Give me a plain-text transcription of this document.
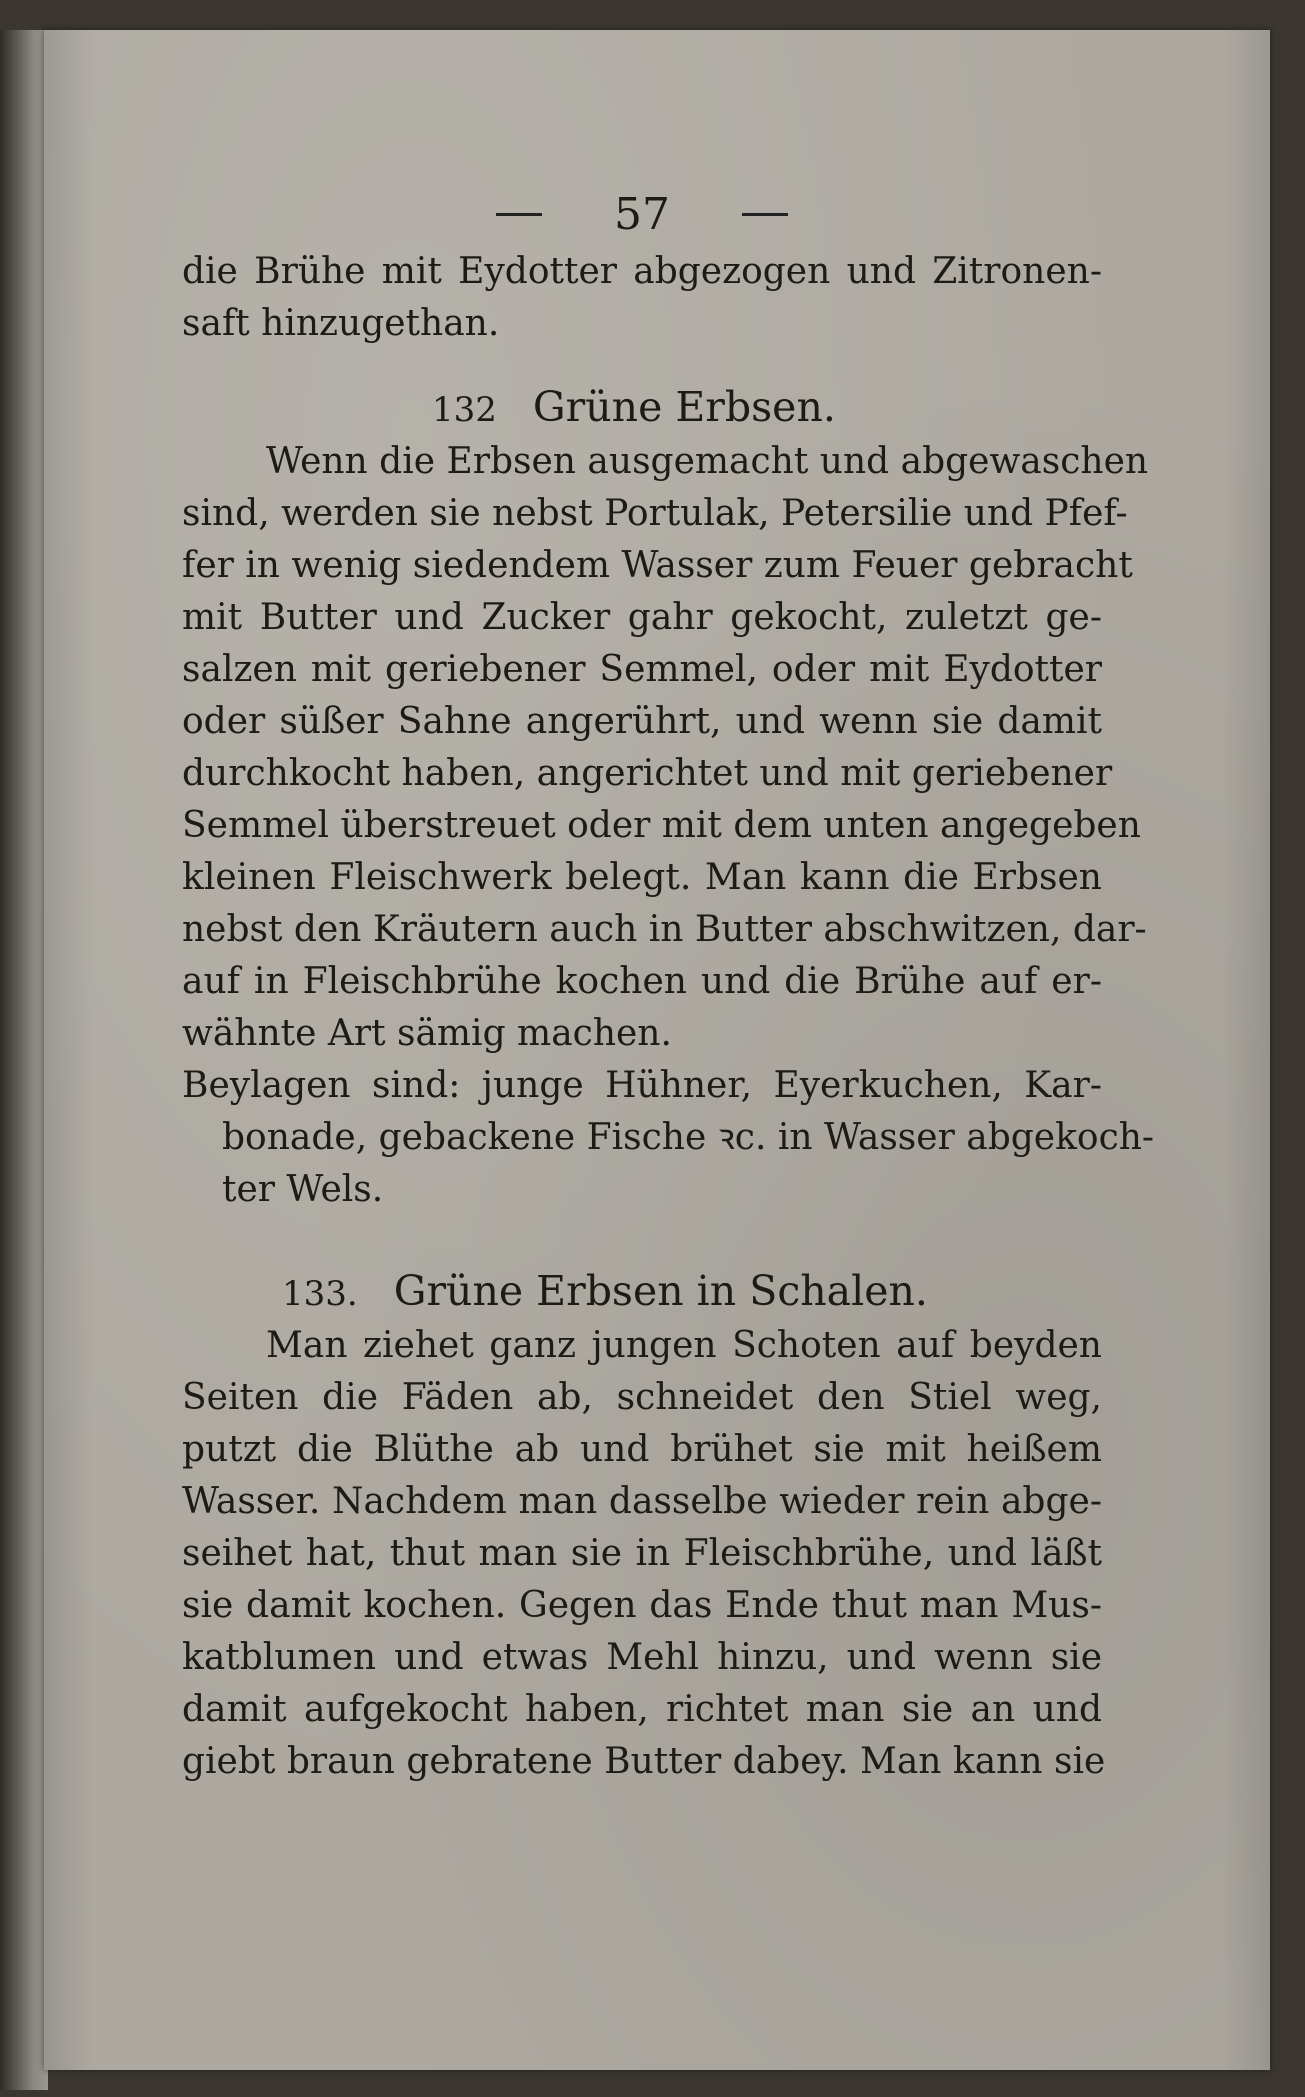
57
die Brühe mit Eydotter abgezogen und Zitronen-
saft hinzugethan.
132 Grüne Erbsen.
Wenn die Erbsen ausgemacht und abgewaschen
sind, werden sie nebst Portulak, Petersilie und Pfef-
fer in wenig siedendem Wasser zum Feuer gebracht
mit Butter und Zucker gahr gekocht, zuletzt ge-
salzen mit geriebener Semmel, oder mit Eydotter
oder süßer Sahne angerührt, und wenn sie damit
durchkocht haben, angerichtet und mit geriebener
Semmel überstreuet oder mit dem unten angegeben
kleinen Fleischwerk belegt. Man kann die Erbsen
nebst den Kräutern auch in Butter abschwitzen, dar-
auf in Fleischbrühe kochen und die Brühe auf er-
wähnte Art sämig machen.
Beylagen sind: junge Hühner, Eyerkuchen, Kar-
bonade, gebackene Fische ꝛc. in Wasser abgekoch-
ter Wels.
133. Grüne Erbsen in Schalen.
Man ziehet ganz jungen Schoten auf beyden
Seiten die Fäden ab, schneidet den Stiel weg,
putzt die Blüthe ab und brühet sie mit heißem
Wasser. Nachdem man dasselbe wieder rein abge-
seihet hat, thut man sie in Fleischbrühe, und läßt
sie damit kochen. Gegen das Ende thut man Mus-
katblumen und etwas Mehl hinzu, und wenn sie
damit aufgekocht haben, richtet man sie an und
giebt braun gebratene Butter dabey. Man kann sie
